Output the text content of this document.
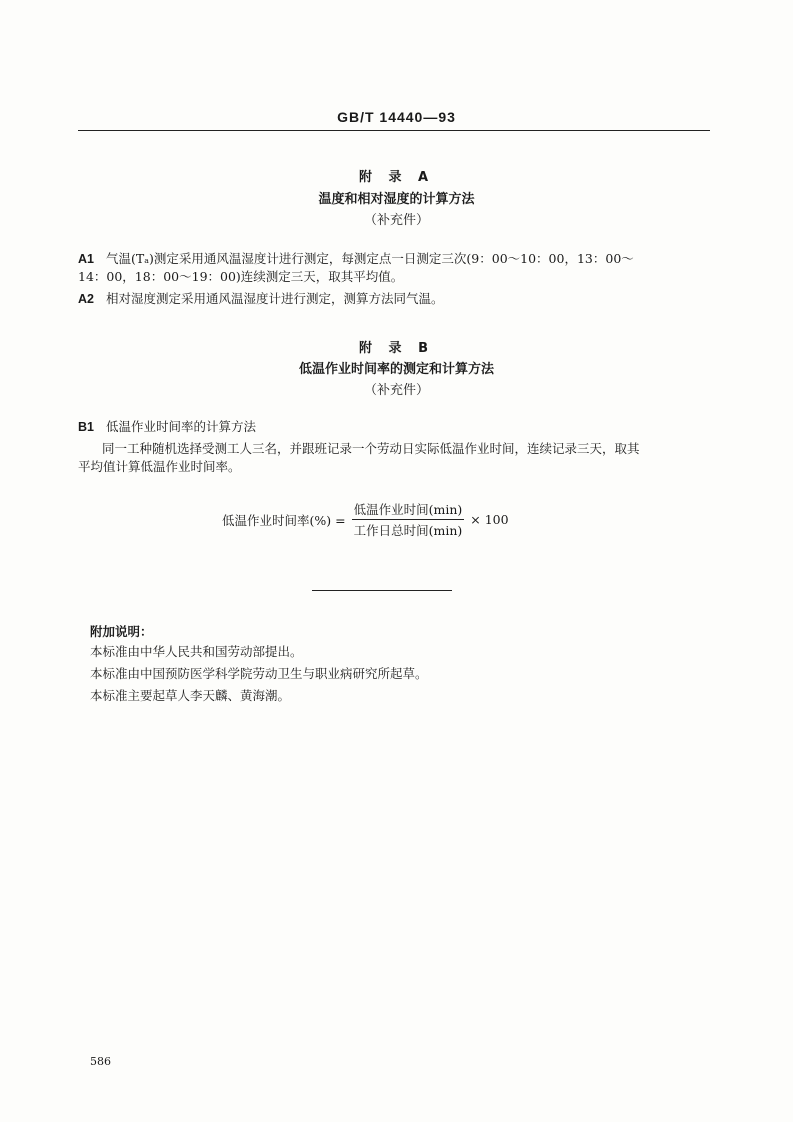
GB/T 14440—93
附 录 A
温度和相对湿度的计算方法
（补充件）
A1 气温(Tₐ)测定采用通风温湿度计进行测定，每测定点一日测定三次(9：00～10：00，13：00～
14：00，18：00～19：00)连续测定三天，取其平均值。
A2 相对湿度测定采用通风温湿度计进行测定，测算方法同气温。
附 录 B
低温作业时间率的测定和计算方法
（补充件）
B1 低温作业时间率的计算方法
同一工种随机选择受测工人三名，并跟班记录一个劳动日实际低温作业时间，连续记录三天，取其
平均值计算低温作业时间率。
低温作业时间率(%) = $\frac{\text{低温作业时间(min)}}{\text{工作日总时间(min)}} \times 100$
附加说明：
本标准由中华人民共和国劳动部提出。
本标准由中国预防医学科学院劳动卫生与职业病研究所起草。
本标准主要起草人李天麟、黄海潮。
586
